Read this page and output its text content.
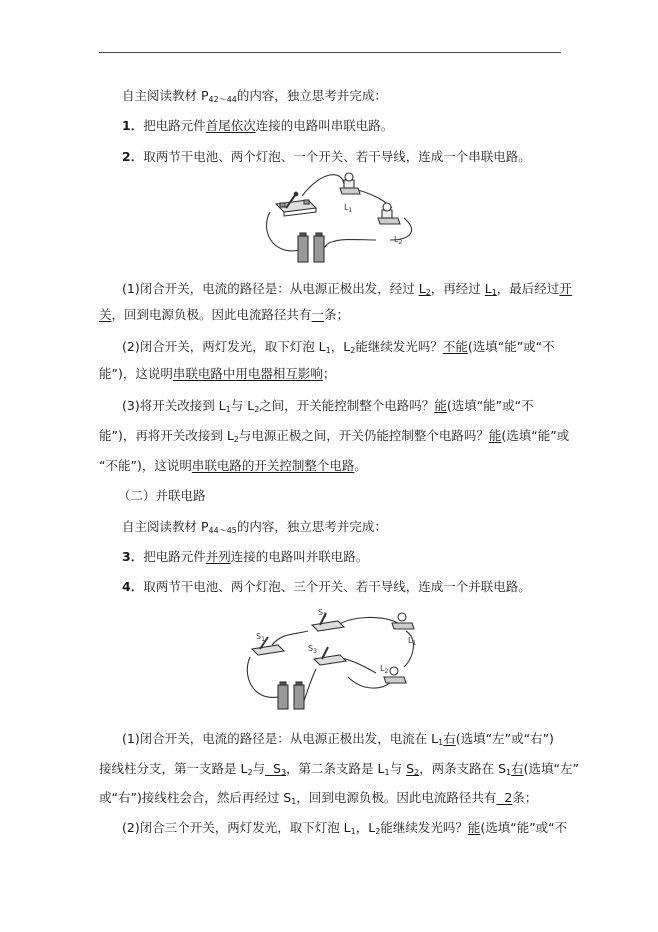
自主阅读教材 $P_{42\sim 44}$的内容，独立思考并完成：
1．把电路元件首尾依次连接的电路叫串联电路。
2．取两节干电池、两个灯泡、一个开关、若干导线，连成一个串联电路。
$L_1$
$L_2$
(1)闭合开关，电流的路径是：从电源正极出发，经过 $L_2$，再经过 $L_1$，最后经过开
关，回到电源负极。因此电流路径共有一条；
(2)闭合开关，两灯发光，取下灯泡 $L_1$，$L_2$能继续发光吗？不能(选填“能”或“不
能”)，这说明串联电路中用电器相互影响；
(3)将开关改接到 $L_1$与 $L_2$之间，开关能控制整个电路吗？能(选填“能”或“不
能”)，再将开关改接到 $L_2$与电源正极之间，开关仍能控制整个电路吗？能(选填“能”或
“不能”)，这说明串联电路的开关控制整个电路。
（二）并联电路
自主阅读教材 $P_{44\sim 45}$的内容，独立思考并完成：
3．把电路元件并列连接的电路叫并联电路。
4．取两节干电池、两个灯泡、三个开关、若干导线，连成一个并联电路。
$S_1$
$S_2$
$S_3$
$L_1$
$L_2$
(1)闭合开关，电流的路径是：从电源正极出发，电流在 $L_1$右(选填“左”或“右”)
接线柱分支，第一支路是 $L_2$与  $S_3$，第二条支路是 $L_1$与 $S_2$，两条支路在 $S_1$右(选填“左”
或“右”)接线柱会合，然后再经过 $S_1$，回到电源负极。因此电流路径共有  2条；
(2)闭合三个开关，两灯发光，取下灯泡 $L_1$，$L_2$能继续发光吗？能(选填“能”或“不
